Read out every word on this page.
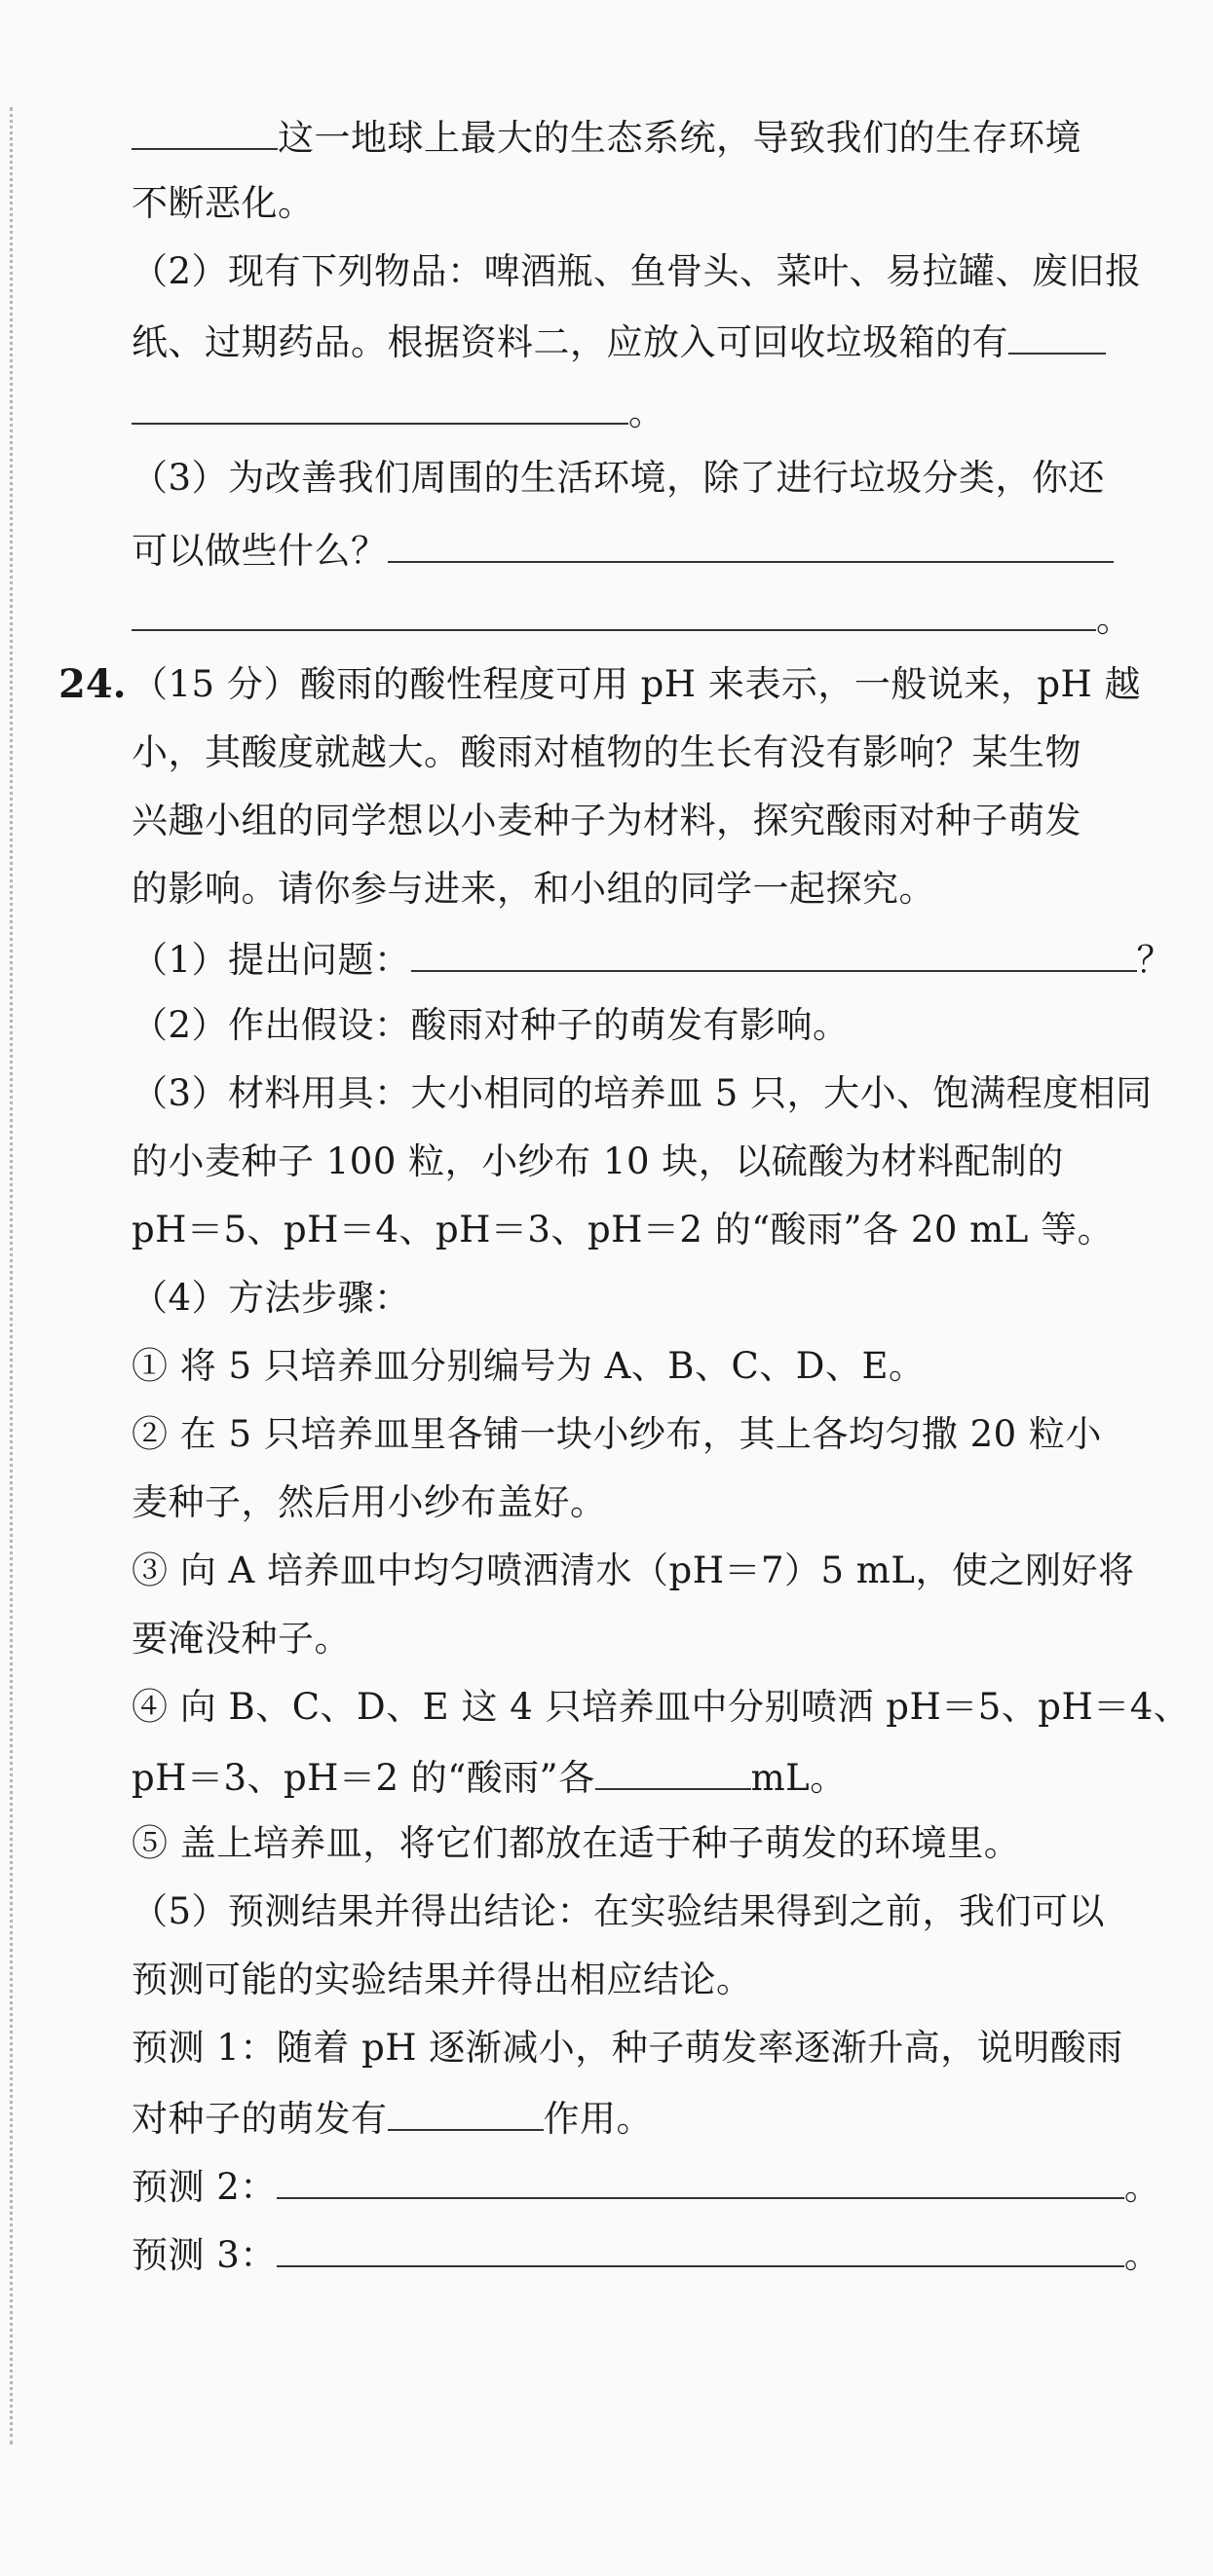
这一地球上最大的生态系统，导致我们的生存环境
不断恶化。
（2）现有下列物品：啤酒瓶、鱼骨头、菜叶、易拉罐、废旧报
纸、过期药品。根据资料二，应放入可回收垃圾箱的有
。
（3）为改善我们周围的生活环境，除了进行垃圾分类，你还
可以做些什么？
。
24. （15 分）酸雨的酸性程度可用 pH 来表示，一般说来，pH 越
小，其酸度就越大。酸雨对植物的生长有没有影响？某生物
兴趣小组的同学想以小麦种子为材料，探究酸雨对种子萌发
的影响。请你参与进来，和小组的同学一起探究。
（1）提出问题：	？
（2）作出假设：酸雨对种子的萌发有影响。
（3）材料用具：大小相同的培养皿 5 只，大小、饱满程度相同
的小麦种子 100 粒，小纱布 10 块，以硫酸为材料配制的
pH＝5、pH＝4、pH＝3、pH＝2 的“酸雨”各 20 mL 等。
（4）方法步骤：
① 将 5 只培养皿分别编号为 A、B、C、D、E。
② 在 5 只培养皿里各铺一块小纱布，其上各均匀撒 20 粒小
麦种子，然后用小纱布盖好。
③ 向 A 培养皿中均匀喷洒清水（pH＝7）5 mL，使之刚好将
要淹没种子。
④ 向 B、C、D、E 这 4 只培养皿中分别喷洒 pH＝5、pH＝4、
pH＝3、pH＝2 的“酸雨”各	mL。
⑤ 盖上培养皿，将它们都放在适于种子萌发的环境里。
（5）预测结果并得出结论：在实验结果得到之前，我们可以
预测可能的实验结果并得出相应结论。
预测 1：随着 pH 逐渐减小，种子萌发率逐渐升高，说明酸雨
对种子的萌发有	作用。
预测 2：	。
预测 3：	。
